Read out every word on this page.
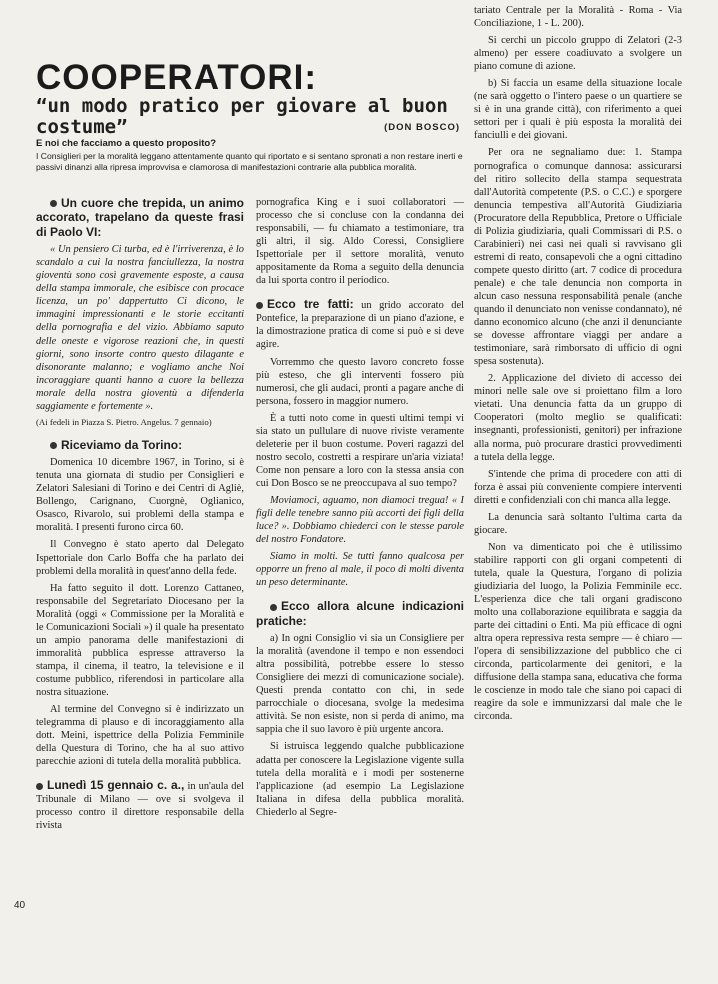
COOPERATORI:
“un modo pratico per giovare al buon costume”	(DON BOSCO)
E noi che facciamo a questo proposito?
I Consiglieri per la moralità leggano attentamente quanto qui riportato e si sentano spronati a non restare inerti e passivi dinanzi alla ripresa improvvisa e clamorosa di manifestazioni contrarie alla pubblica moralità.

Un cuore che trepida, un animo accorato, trapelano da queste frasi di Paolo VI:

« Un pensiero Ci turba, ed è l'irriverenza, è lo scandalo a cui la nostra fanciullezza, la nostra gioventù sono così gravemente esposte, a causa della stampa immorale, che esibisce con procace licenza, un po' dappertutto Ci dicono, le immagini impressionanti e le storie eccitanti della pornografia e del vizio. Abbiamo saputo delle oneste e vigorose reazioni che, in questi giorni, sono insorte contro questo dilagante e disonorante malanno; e vogliamo anche Noi incoraggiare quanti hanno a cuore la bellezza morale della nostra gioventù a difenderla saggiamente e fortemente ».

(Ai fedeli in Piazza S. Pietro. Angelus. 7 gennaio)

Riceviamo da Torino:

Domenica 10 dicembre 1967, in Torino, si è tenuta una giornata di studio per Consiglieri e Zelatori Salesiani di Torino e dei Centri di Agliè, Bollengo, Carignano, Cuorgnè, Oglianico, Osasco, Rivarolo, sui problemi della stampa e moralità. I presenti furono circa 60.

Il Convegno è stato aperto dal Delegato Ispettoriale don Carlo Boffa che ha parlato dei problemi della moralità in quest'anno della fede.

Ha fatto seguito il dott. Lorenzo Cattaneo, responsabile del Segretariato Diocesano per la Moralità (oggi « Commissione per la Moralità e le Comunicazioni Sociali ») il quale ha presentato un ampio panorama delle manifestazioni di immoralità pubblica espresse attraverso la stampa, il cinema, il teatro, la televisione e il costume pubblico, riferendosi in particolare alla nostra situazione.

Al termine del Convegno si è indirizzato un telegramma di plauso e di incoraggiamento alla dott. Meini, ispettrice della Polizia Femminile della Questura di Torino, che ha al suo attivo parecchie azioni di tutela della moralità pubblica.

Lunedì 15 gennaio c. a., in un'aula del Tribunale di Milano — ove si svolgeva il processo contro il direttore responsabile della rivista

pornografica King e i suoi collaboratori — processo che si concluse con la condanna dei responsabili, — fu chiamato a testimoniare, tra gli altri, il sig. Aldo Coressi, Consigliere Ispettoriale per il settore moralità, venuto appositamente da Roma a seguito della denuncia da lui sporta contro il periodico.

Ecco tre fatti: un grido accorato del Pontefice, la preparazione di un piano d'azione, e la dimostrazione pratica di come si può e si deve agire.

Vorremmo che questo lavoro concreto fosse più esteso, che gli interventi fossero più numerosi, che gli audaci, pronti a pagare anche di persona, fossero in maggior numero.

È a tutti noto come in questi ultimi tempi vi sia stato un pullulare di nuove riviste veramente deleterie per il buon costume. Poveri ragazzi del nostro secolo, costretti a respirare un'aria viziata! Come non pensare a loro con la stessa ansia con cui Don Bosco se ne preoccupava al suo tempo?

Moviamoci, aguamo, non diamoci tregua! « I figli delle tenebre sanno più accorti dei figli della luce? ». Dobbiamo chiederci con le stesse parole del nostro Fondatore.

Siamo in molti. Se tutti fanno qualcosa per opporre un freno al male, il poco di molti diventa un peso determinante.

Ecco allora alcune indicazioni pratiche:

a) In ogni Consiglio vi sia un Consigliere per la moralità (avendone il tempo e non essendoci altra possibilità, potrebbe essere lo stesso Consigliere dei mezzi di comunicazione sociale). Questi prenda contatto con chi, in sede parrocchiale o diocesana, svolge la medesima attività. Se non esiste, non si perda di animo, ma sappia che il suo lavoro è più urgente ancora.

Si istruisca leggendo qualche pubblicazione adatta per conoscere la Legislazione vigente sulla tutela della moralità e i modi per sostenerne l'applicazione (ad esempio La Legislazione Italiana in difesa della pubblica moralità. Chiederlo al Segre-

tariato Centrale per la Moralità - Roma - Via Conciliazione, 1 - L. 200).

Si cerchi un piccolo gruppo di Zelatori (2-3 almeno) per essere coadiuvato a svolgere un piano comune di azione.

b) Si faccia un esame della situazione locale (ne sarà oggetto o l'intero paese o un quartiere se si è in una grande città), con riferimento a quei settori per i quali è più esposta la moralità dei fanciulli e dei giovani.

Per ora ne segnaliamo due: 1. Stampa pornografica o comunque dannosa: assicurarsi del ritiro sollecito della stampa sequestrata dall'Autorità competente (P.S. o C.C.) e sporgere denuncia tempestiva all'Autorità Giudiziaria (Procuratore della Repubblica, Pretore o Ufficiale di Polizia giudiziaria, quali Commissari di P.S. o Carabinieri) nei casi nei quali si ravvisano gli estremi di reato, consapevoli che a ogni cittadino compete questo diritto (art. 7 codice di procedura penale) e che tale denuncia non comporta in alcun caso nessuna responsabilità penale (anche quando il denunciato non venisse condannato), né danno economico alcuno (che anzi il denunciante se dovesse affrontare viaggi per andare a testimoniare, sarà rimborsato di ufficio di ogni spesa sostenuta).

2. Applicazione del divieto di accesso dei minori nelle sale ove si proiettano film a loro vietati. Una denuncia fatta da un gruppo di Cooperatori (molto meglio se qualificati: insegnanti, professionisti, genitori) per infrazione alla norma, può procurare drastici provvedimenti a tutela della legge.

S'intende che prima di procedere con atti di forza è assai più conveniente compiere interventi diretti e confidenziali con chi manca alla legge.

La denuncia sarà soltanto l'ultima carta da giocare.

Non va dimenticato poi che è utilissimo stabilire rapporti con gli organi competenti di tutela, quale la Questura, l'organo di polizia giudiziaria del luogo, la Polizia Femminile ecc. L'esperienza dice che tali organi gradiscono molto una collaborazione equilibrata e saggia da parte dei cittadini o Enti. Ma più efficace di ogni altra opera repressiva resta sempre — è chiaro — l'opera di sensibilizzazione del pubblico che ci circonda, particolarmente dei genitori, e la diffusione della stampa sana, educativa che forma le coscienze in modo tale che siano poi capaci di reagire da sole e immunizzarsi dal male che le circonda.

40
